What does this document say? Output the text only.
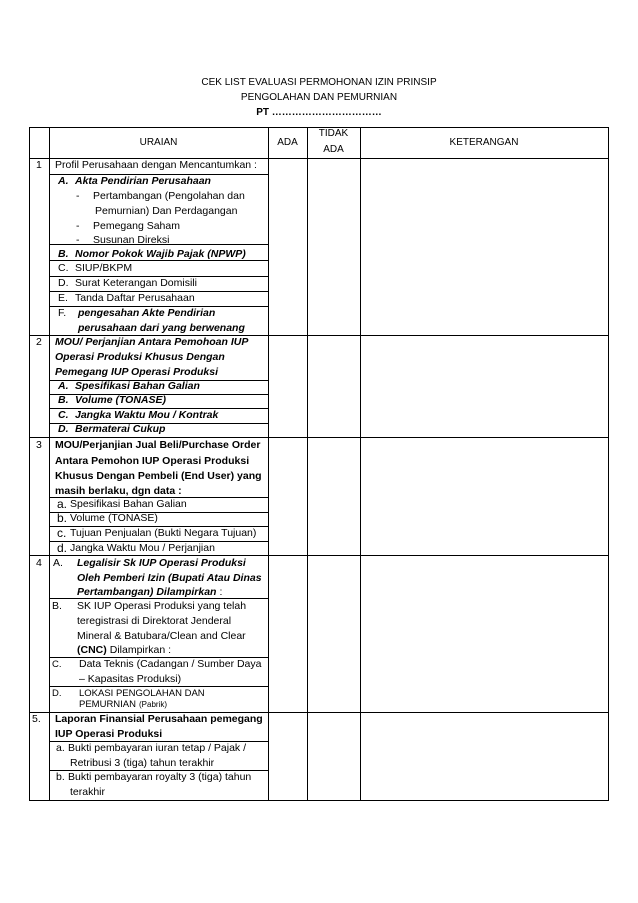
CEK LIST EVALUASI PERMOHONAN IZIN PRINSIP
PENGOLAHAN DAN PEMURNIAN
PT ……………………………
URAIAN	ADA
TIDAK
ADA
KETERANGAN
1 Profil Perusahaan dengan Mencantumkan :
A. Akta Pendirian Perusahaan
- Pertambangan (Pengolahan dan
Pemurnian) Dan Perdagangan
- Pemegang Saham
- Susunan Direksi
B. Nomor Pokok Wajib Pajak (NPWP)
C. SIUP/BKPM
D. Surat Keterangan Domisili
E. Tanda Daftar Perusahaan
F. pengesahan Akte Pendirian
perusahaan dari yang berwenang
2 MOU/ Perjanjian Antara Pemohoan IUP
Operasi Produksi Khusus Dengan
Pemegang IUP Operasi Produksi
A. Spesifikasi Bahan Galian
B. Volume (TONASE)
C. Jangka Waktu Mou / Kontrak
D. Bermaterai Cukup
3 MOU/Perjanjian Jual Beli/Purchase Order
Antara Pemohon IUP Operasi Produksi
Khusus Dengan Pembeli (End User) yang
masih berlaku, dgn data :
a. Spesifikasi Bahan Galian
b. Volume (TONASE)
c. Tujuan Penjualan (Bukti Negara Tujuan)
d. Jangka Waktu Mou / Perjanjian
4 A. Legalisir Sk IUP Operasi Produksi
Oleh Pemberi Izin (Bupati Atau Dinas
Pertambangan) Dilampirkan :
B. SK IUP Operasi Produksi yang telah
teregistrasi di Direktorat Jenderal
Mineral & Batubara/Clean and Clear
(CNC) Dilampirkan :
C. Data Teknis (Cadangan / Sumber Daya
– Kapasitas Produksi)
D. LOKASI PENGOLAHAN DAN
PEMURNIAN (Pabrik)
5. Laporan Finansial Perusahaan pemegang
IUP Operasi Produksi
a. Bukti pembayaran iuran tetap / Pajak /
Retribusi 3 (tiga) tahun terakhir
b. Bukti pembayaran royalty 3 (tiga) tahun
terakhir
